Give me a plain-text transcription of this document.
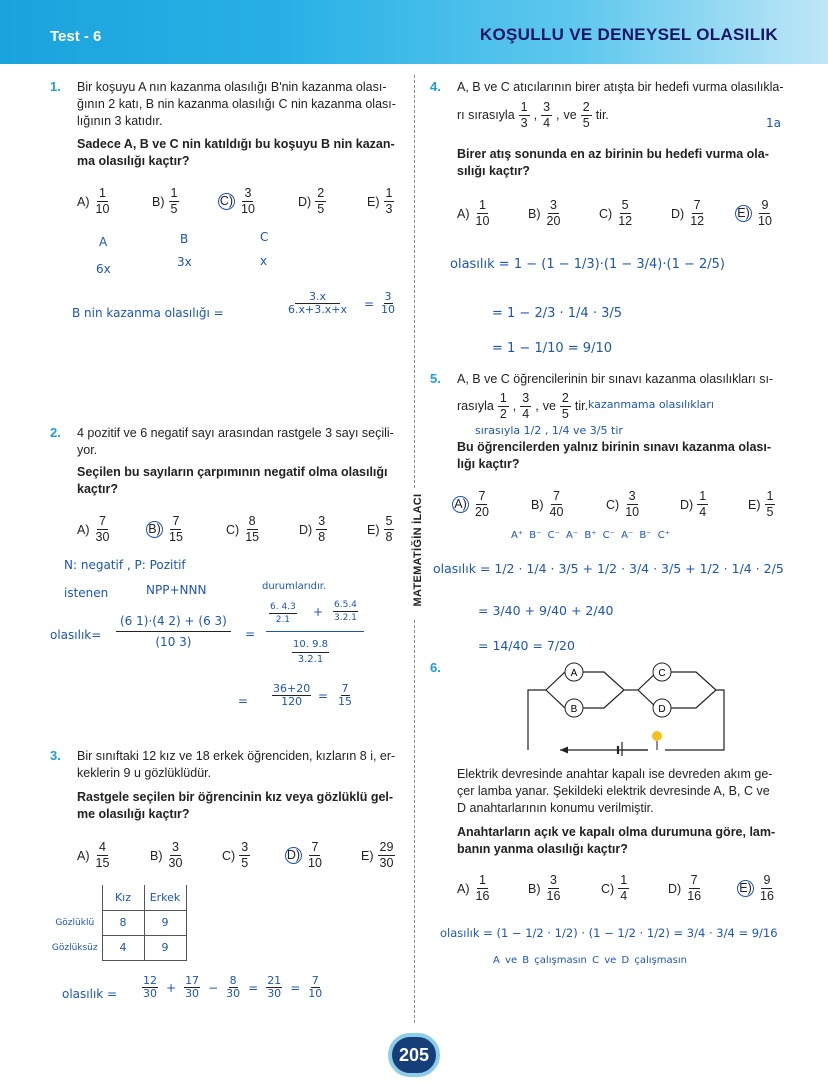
Test - 6	KOŞULLU VE DENEYSEL OLASILIK
MATEMATİĞİN İLACI
1. Bir koşuyu A nın kazanma olasılığı B'nin kazanma olası-
ğının 2 katı, B nin kazanma olasılığı C nin kazanma olası-
lığının 3 katıdır.
Sadece A, B ve C nin katıldığı bu koşuyu B nin kazan-
ma olasılığı kaçtır?
$A) \frac{1}{10}$	$B) \frac{1}{5}$	$C) \frac{3}{10}$	$D) \frac{2}{5}$	$E) \frac{1}{3}$
A
6x
B
3x
C
x
B nin kazanma olasılığı =	$\frac{3.x}{6.x+3.x+x} = \frac{3}{10}$
2. 4 pozitif ve 6 negatif sayı arasından rastgele 3 sayı seçili-
yor.
Seçilen bu sayıların çarpımının negatif olma olasılığı
kaçtır?
$A) \frac{7}{30}$	$B) \frac{7}{15}$	$C) \frac{8}{15}$	$D) \frac{3}{8}$	$E) \frac{5}{8}$
N: negatif , P: Pozitif
istenen	NPP+NNN	durumlarıdır.
olasılık= $\frac{(6 1)\cdot(4 2) + (6 3)}{(10 3)}$ =
$\frac{6. 4.3}{2.1} + \frac{6.5.4}{3.2.1}$
$\frac{10. 9.8}{3.2.1}$
= $\frac{36+20}{120} = \frac{7}{15}$
3. Bir sınıftaki 12 kız ve 18 erkek öğrenciden, kızların 8 i, er-
keklerin 9 u gözlüklüdür.
Rastgele seçilen bir öğrencinin kız veya gözlüklü gel-
me olasılığı kaçtır?
$A) \frac{4}{15}$	$B) \frac{3}{30}$	$C) \frac{3}{5}$	$D) \frac{7}{10}$	$E) \frac{29}{30}$
	Kız	Erkek
Gözlüklü	8	9
Gözlüksüz	4	9
olasılık =
12
$30 + \frac{17}{30} - \frac{8}{30} = \frac{21}{30} = \frac{7}{10}$
4. A, B ve C atıcılarının birer atışta bir hedefi vurma olasılıkla-
rı sırasıyla $\frac{1}{3}$ , $\frac{3}{4}$ , ve $\frac{2}{5}$ tir.
Birer atış sonunda en az birinin bu hedefi vurma ola-
sılığı kaçtır?
1a
$A) \frac{1}{10}$	$B) \frac{3}{20}$	$C) \frac{5}{12}$	$D) \frac{7}{12} E) \frac{9}{10}$
olasılık = 1 − (1 − 1/3)·(1 − 3/4)·(1 − 2/5)
= 1 − 2/3 · 1/4 · 3/5
= 1 − 1/10 = 9/10
5. A, B ve C öğrencilerinin bir sınavı kazanma olasılıkları sı-
rasıyla $\frac{1}{2}$ , $\frac{3}{4}$ , ve $\frac{2}{5}$ tir.
Bu öğrencilerden yalnız birinin sınavı kazanma olası-
lığı kaçtır?
kazanmama olasılıkları
sırasıyla 1/2 , 1/4 ve 3/5 tir
$A) \frac{7}{20}$	$B) \frac{7}{40}$	$C) \frac{3}{10}$	$D) \frac{1}{4}$	$E) \frac{1}{5}$
A⁺ B⁻ C⁻ A⁻ B⁺ C⁻ A⁻ B⁻ C⁺
olasılık = 1/2 · 1/4 · 3/5 + 1/2 · 3/4 · 3/5 + 1/2 · 1/4 · 2/5
= 3/40 + 9/40 + 2/40
= 14/40 = 7/20
6.	A
B
C
D
Elektrik devresinde anahtar kapalı ise devreden akım ge-
çer lamba yanar. Şekildeki elektrik devresinde A, B, C ve
D anahtarlarının konumu verilmiştir.
Anahtarların açık ve kapalı olma durumuna göre, lam-
banın yanma olasılığı kaçtır?
$A) \frac{1}{16}$	$B) \frac{3}{16}$	$C) \frac{1}{4}$	$D) \frac{7}{16}$	$E) \frac{9}{16}$
olasılık = (1 − 1/2 · 1/2) · (1 − 1/2 · 1/2) = 3/4 · 3/4 = 9/16
A ve B çalışmasın C ve D çalışmasın
205
